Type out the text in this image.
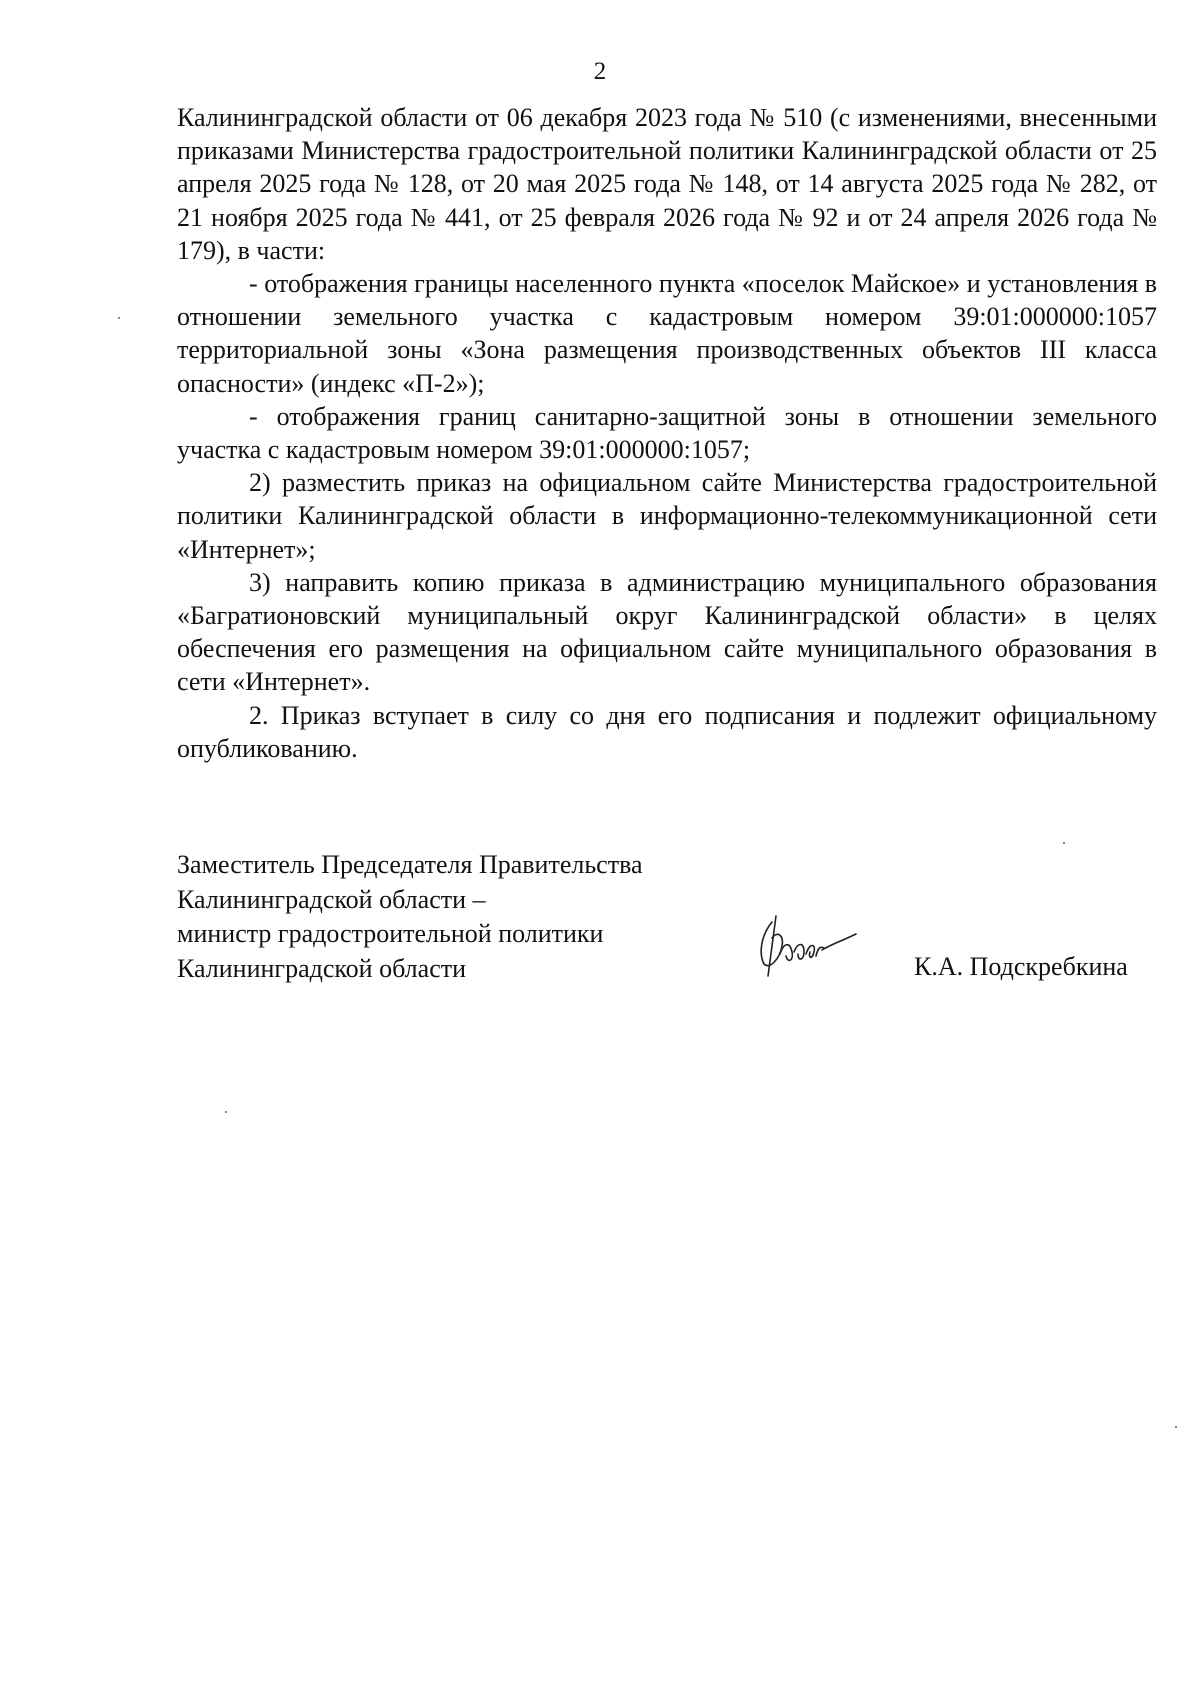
2

Калининградской области от 06 декабря 2023 года № 510 (с изменениями, внесенными приказами Министерства градостроительной политики Калининградской области от 25 апреля 2025 года № 128, от 20 мая 2025 года № 148, от 14 августа 2025 года № 282, от 21 ноября 2025 года № 441, от 25 февраля 2026 года № 92 и от 24 апреля 2026 года № 179), в части:

- отображения границы населенного пункта «поселок Майское» и установления в отношении земельного участка с кадастровым номером 39:01:000000:1057 территориальной зоны «Зона размещения производственных объектов III класса опасности» (индекс «П-2»);

- отображения границ санитарно-защитной зоны в отношении земельного участка с кадастровым номером 39:01:000000:1057;

2) разместить приказ на официальном сайте Министерства градостроительной политики Калининградской области в информационно-телекоммуникационной сети «Интернет»;

3) направить копию приказа в администрацию муниципального образования «Багратионовский муниципальный округ Калининградской области» в целях обеспечения его размещения на официальном сайте муниципального образования в сети «Интернет».

2. Приказ вступает в силу со дня его подписания и подлежит официальному опубликованию.

Заместитель Председателя Правительства
Калининградской области –
министр градостроительной политики
Калининградской области	К.А. Подскребкина
